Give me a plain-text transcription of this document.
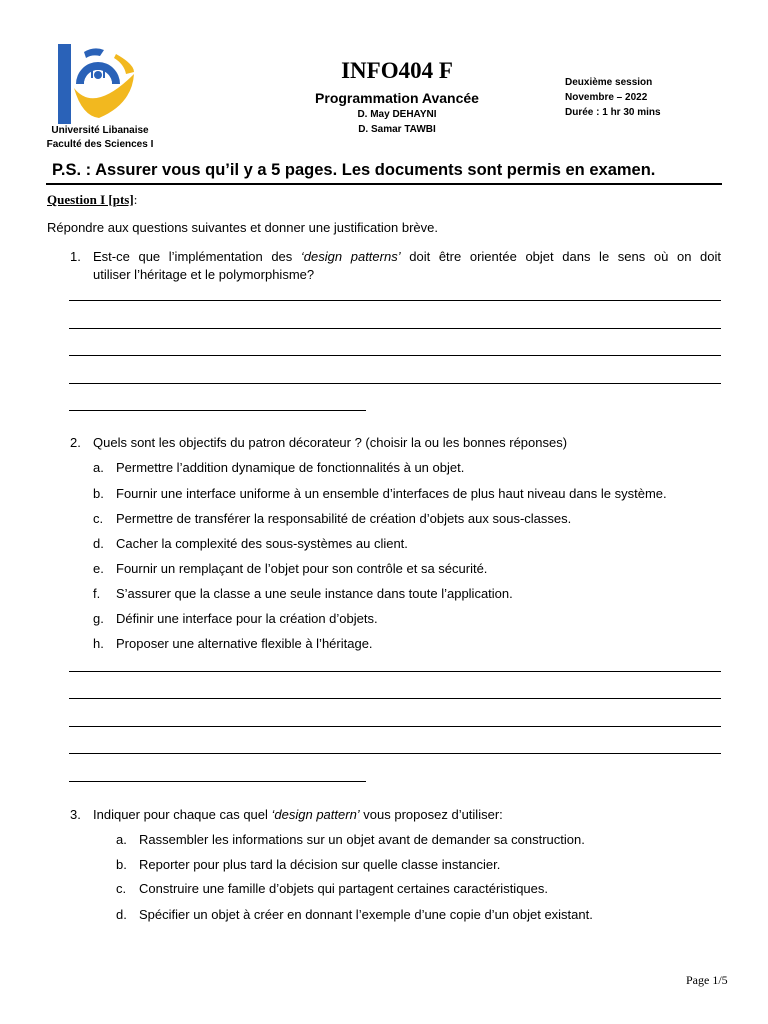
Université Libanaise
Faculté des Sciences I
INFO404 F
Programmation Avancée
D. May DEHAYNI
D. Samar TAWBI
Deuxième session
Novembre – 2022
Durée : 1 hr 30 mins
P.S. : Assurer vous qu’il y a 5 pages. Les documents sont permis en examen.
Question I [pts]:
Répondre aux questions suivantes et donner une justification brève.
1. Est-ce que l’implémentation des ‘design patterns’ doit être orientée objet dans le sens où on doit
utiliser l’héritage et le polymorphisme?
2. Quels sont les objectifs du patron décorateur ? (choisir la ou les bonnes réponses)
a. Permettre l’addition dynamique de fonctionnalités à un objet.
b. Fournir une interface uniforme à un ensemble d’interfaces de plus haut niveau dans le système.
c. Permettre de transférer la responsabilité de création d’objets aux sous-classes.
d. Cacher la complexité des sous-systèmes au client.
e. Fournir un remplaçant de l’objet pour son contrôle et sa sécurité.
f. S’assurer que la classe a une seule instance dans toute l’application.
g. Définir une interface pour la création d’objets.
h. Proposer une alternative flexible à l’héritage.
3. Indiquer pour chaque cas quel ‘design pattern’ vous proposez d’utiliser:
a. Rassembler les informations sur un objet avant de demander sa construction.
b. Reporter pour plus tard la décision sur quelle classe instancier.
c. Construire une famille d’objets qui partagent certaines caractéristiques.
d. Spécifier un objet à créer en donnant l’exemple d’une copie d’un objet existant.
Page 1/5
